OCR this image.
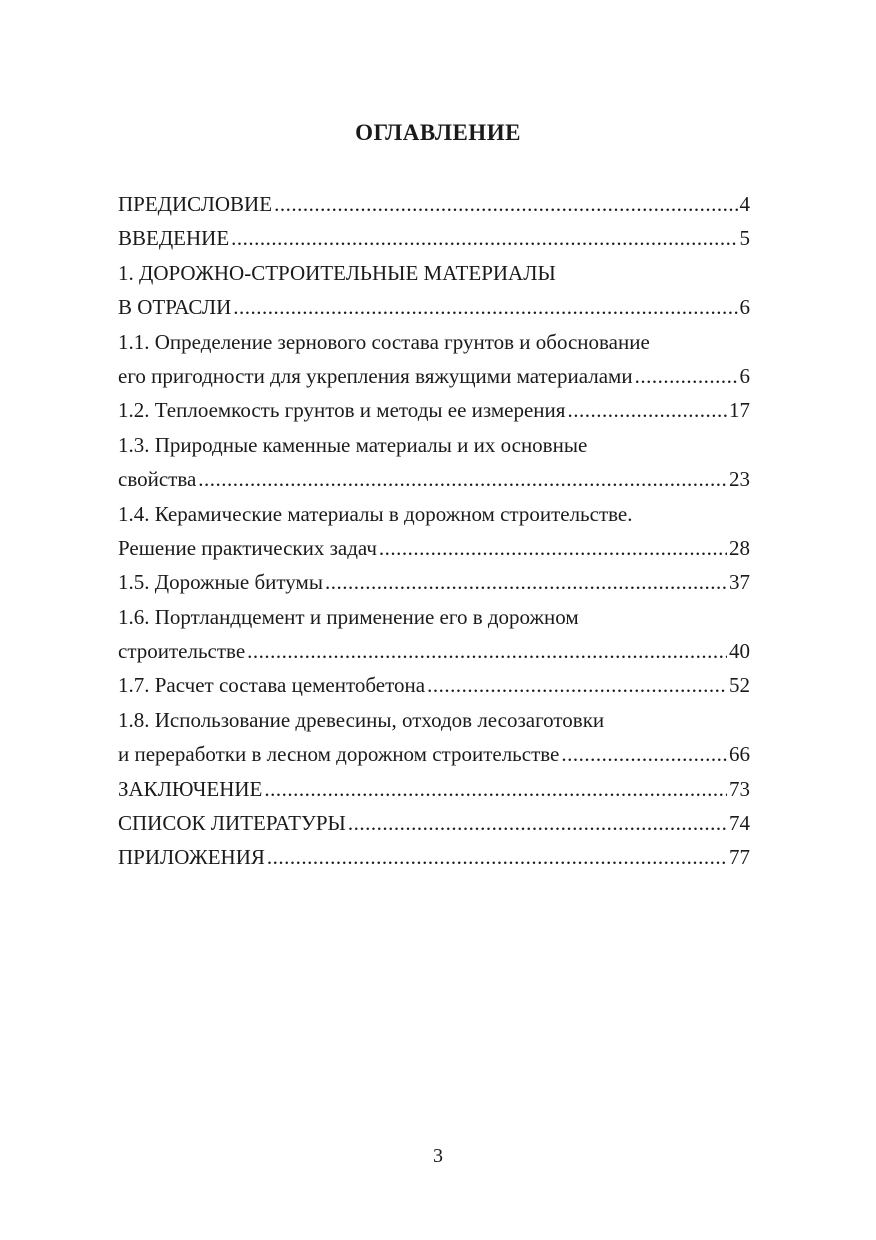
ОГЛАВЛЕНИЕ
ПРЕДИСЛОВИЕ .....	4
ВВЕДЕНИЕ .....	5
1. ДОРОЖНО-СТРОИТЕЛЬНЫЕ МАТЕРИАЛЫ
В ОТРАСЛИ .....	6
1.1. Определение зернового состава грунтов и обоснование
его пригодности для укрепления вяжущими материалами .....	6
1.2. Теплоемкость грунтов и методы ее измерения .....	17
1.3. Природные каменные материалы и их основные
свойства .....	23
1.4. Керамические материалы в дорожном строительстве.
Решение практических задач .....	28
1.5. Дорожные битумы .....	37
1.6. Портландцемент и применение его в дорожном
строительстве .....	40
1.7. Расчет состава цементобетона .....	52
1.8. Использование древесины, отходов лесозаготовки
и переработки в лесном дорожном строительстве .....	66
ЗАКЛЮЧЕНИЕ .....	73
СПИСОК ЛИТЕРАТУРЫ .....	74
ПРИЛОЖЕНИЯ .....	77
3
